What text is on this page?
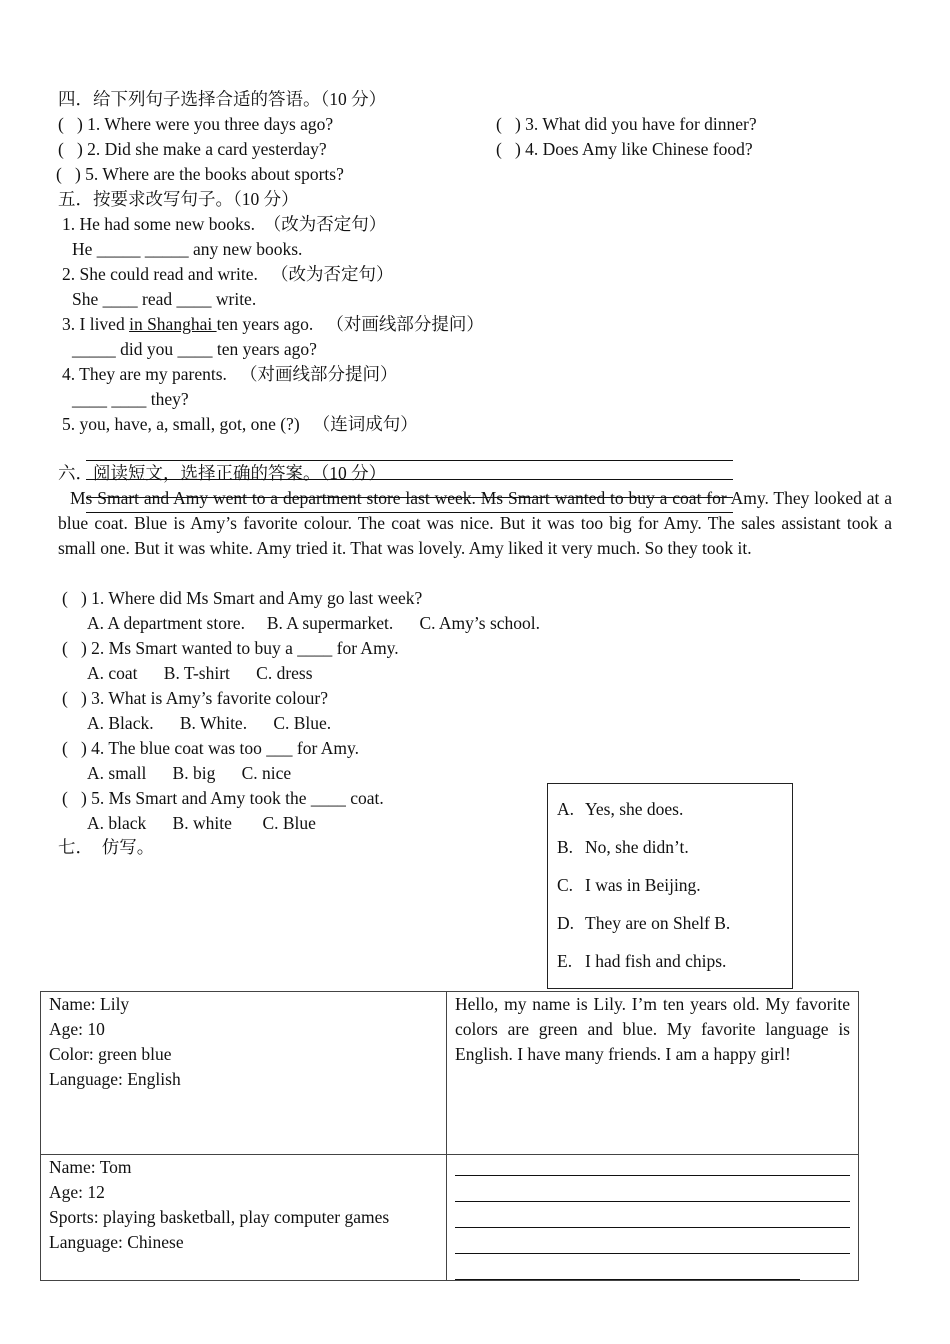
四．给下列句子选择合适的答语。（10 分）
(   ) 1. Where were you three days ago?	(   ) 3. What did you have for dinner?
(   ) 2. Did she make a card yesterday?	(   ) 4. Does Amy like Chinese food?
(   ) 5. Where are the books about sports?
五．按要求改写句子。（10 分）
1. He had some new books.  （改为否定句）
He _____ _____ any new books.
2. She could read and write.   （改为否定句）
She ____ read ____ write.
3. I lived in Shanghai ten years ago.   （对画线部分提问）
_____ did you ____ ten years ago?
4. They are my parents.   （对画线部分提问）
____ ____ they?
5. you, have, a, small, got, one (?)   （连词成句）
六．阅读短文，选择正确的答案。（10 分）
Ms Smart and Amy went to a department store last week. Ms Smart wanted to buy a coat for Amy. They looked at a blue coat. Blue is Amy’s favorite colour. The coat was nice. But it was too big for Amy. The sales assistant took a small one. But it was white. Amy tried it. That was lovely. Amy liked it very much. So they took it.
(   ) 1. Where did Ms Smart and Amy go last week?
A. A department store.     B. A supermarket.      C. Amy’s school.
(   ) 2. Ms Smart wanted to buy a ____ for Amy.
A. coat      B. T-shirt      C. dress
(   ) 3. What is Amy’s favorite colour?
A. Black.      B. White.      C. Blue.
(   ) 4. The blue coat was too ___ for Amy.
A. small      B. big      C. nice
(   ) 5. Ms Smart and Amy took the ____ coat.
A. black      B. white       C. Blue
七．  仿写。
A. Yes, she does.
B. No, she didn’t.
C. I was in Beijing.
D. They are on Shelf B.
E. I had fish and chips.
Name: Lily
Age: 10
Color: green blue
Language: English	Hello, my name is Lily. I’m ten years old. My favorite colors are green and blue. My favorite language is English. I have many friends. I am a happy girl!

Name: Tom
Age: 12
Sports: playing basketball, play computer games
Language: Chinese	
